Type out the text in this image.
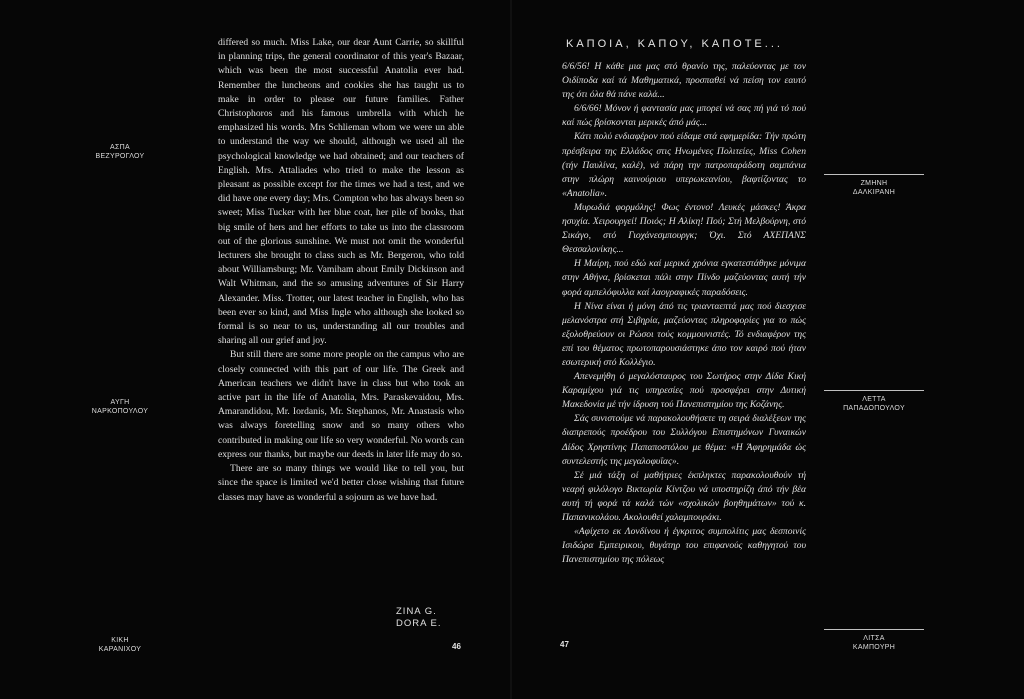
ΑΣΠΑ
ΒΕΖΥΡΟΓΛΟΥ
ΑΥΓΗ
ΝΑΡΚΟΠΟΥΛΟΥ
ΚΙΚΗ
ΚΑΡΑΝΙΧΟΥ

differed so much. Miss Lake, our dear Aunt Carrie, so skillful in planning trips, the general coordinator of this year's Bazaar, which was been the most successful Anatolia ever had. Remember the luncheons and cookies she has taught us to make in order to please our future families. Father Christophoros and his famous umbrella with which he emphasized his words. Mrs Schlieman whom we were un able to understand the way we should, although we used all the psychological knowledge we had obtained; and our teachers of English. Mrs. Attaliades who tried to make the lesson as pleasant as possible except for the times we had a test, and we did have one every day; Mrs. Compton who has always been so sweet; Miss Tucker with her blue coat, her pile of books, that big smile of hers and her efforts to take us into the classroom out of the glorious sunshine. We must not omit the wonderful lecturers she brought to class such as Mr. Bergeron, who told about Williamsburg; Mr. Vamiham about Emily Dickinson and Walt Whitman, and the so amusing adventures of Sir Harry Alexander. Miss. Trotter, our latest teacher in English, who has been ever so kind, and Miss Ingle who although she looked so formal is so near to us, understanding all our troubles and sharing all our grief and joy.

But still there are some more people on the campus who are closely connected with this part of our life. The Greek and American teachers we didn't have in class but who took an active part in the life of Anatolia, Mrs. Paraskevaidou, Mrs. Amarandidou, Mr. Iordanis, Mr. Stephanos, Mr. Anastasis who was always foretelling snow and so many others who contributed in making our life so very wonderful. No words can express our thanks, but maybe our deeds in later life may do so.

There are so many things we would like to tell you, but since the space is limited we'd better close wishing that future classes may have as wonderful a sojourn as we have had.

ZINA G.
DORA E.
46
ΚΑΠΟΙΑ, ΚΑΠΟΥ, ΚΑΠΟΤΕ...

6/6/56! Η κάθε μια μας στό θρανίο της, παλεύοντας με τον Οιδίποδα καί τά Μαθηματικά, προσπαθεί νά πείση τον εαυτό της ότι όλα θά πάνε καλά...

6/6/66! Μόνον ή φαντασία μας μπορεί νά σας πή γιά τό πού καί πώς βρίσκονται μερικές άπό μάς...

Κάτι πολύ ενδιαφέρον πού είδαμε στά εφημερίδα: Τήν πρώτη πρέσβειρα της Ελλάδος στις Ηνωμένες Πολιτείες, Miss Cohen (τήν Παυλίνα, καλέ), νά πάρη την πατροπαράδοτη σαμπάνια στην πλώρη καινούριου υπερωκεανίου, βαφτίζοντας το «Anatolia».

Μυρωδιά φορμόλης! Φως έντονο! Λευκές μάσκες! Άκρα ησυχία. Χειρουργεί! Ποιός; Η Αλίκη! Πού; Στή Μελβούρνη, στό Σικάγο, στό Γιοχάνεσμπουργκ; Όχι. Στό ΑΧΕΠΑΝΣ Θεσσαλονίκης...

Η Μαίρη, πού εδώ καί μερικά χρόνια εγκατεστάθηκε μόνιμα στην Αθήνα, βρίσκεται πάλι στην Πίνδο μαζεύοντας αυτή τήν φορά αμπελόφυλλα καί λαογραφικές παραδόσεις.

Η Νίνα είναι ή μόνη άπό τις τριανταεπτά μας πού διεσχισε μελανόστρα στή Σιβηρία, μαζεύοντας πληροφορίες για το πώς εξολοθρεύουν οι Ρώσοι τούς κομμουνιστές. Τό ενδιαφέρον της επί του θέματος πρωτοπαρουσιάστηκε άπο τον καιρό πού ήταν εσωτερική στό Κολλέγιο.

Απενεμήθη ό μεγαλόσταυρος του Σωτήρος στην Δίδα Κική Καραμίχου γιά τις υπηρεσίες πού προσφέρει στην Δυτική Μακεδονία μέ τήν ίδρυση τού Πανεπιστημίου της Κοζάνης.

Σάς συνιστούμε νά παρακολουθήσετε τη σειρά διαλέξεων της διαπρεπούς προέδρου του Συλλόγου Επιστημόνων Γυναικών Δίδος Χρηστίνης Παπαποστόλου με θέμα: «Η Άφηρημάδα ώς συντελεστής της μεγαλοφυΐας».

Σέ μιά τάξη οί μαθήτριες έκπληκτες παρακολουθούν τή νεαρή φιλόλογο Βικτωρία Κίντζου νά υποστηρίζη άπό τήν βέα αυτή τή φορά τά καλά τών «σχολικών βοηθημάτων» τού κ. Παπανικολάου. Ακολουθεί χαλαμπουράκι.

«Αφίχετο εκ Λονδίνου ή έγκριτος συμπολίτις μας δεσποινίς Ισιδώρα Εμπειρικου, θυγάτηρ του επιφανούς καθηγητού του Πανεπιστημίου της πόλεως

ΖΜΗΝΗ
ΔΑΛΚΙΡΑΝΗ
ΛΕΤΤΑ
ΠΑΠΑΔΟΠΟΥΛΟΥ
ΛΙΤΣΑ
ΚΑΜΠΟΥΡΗ
47
